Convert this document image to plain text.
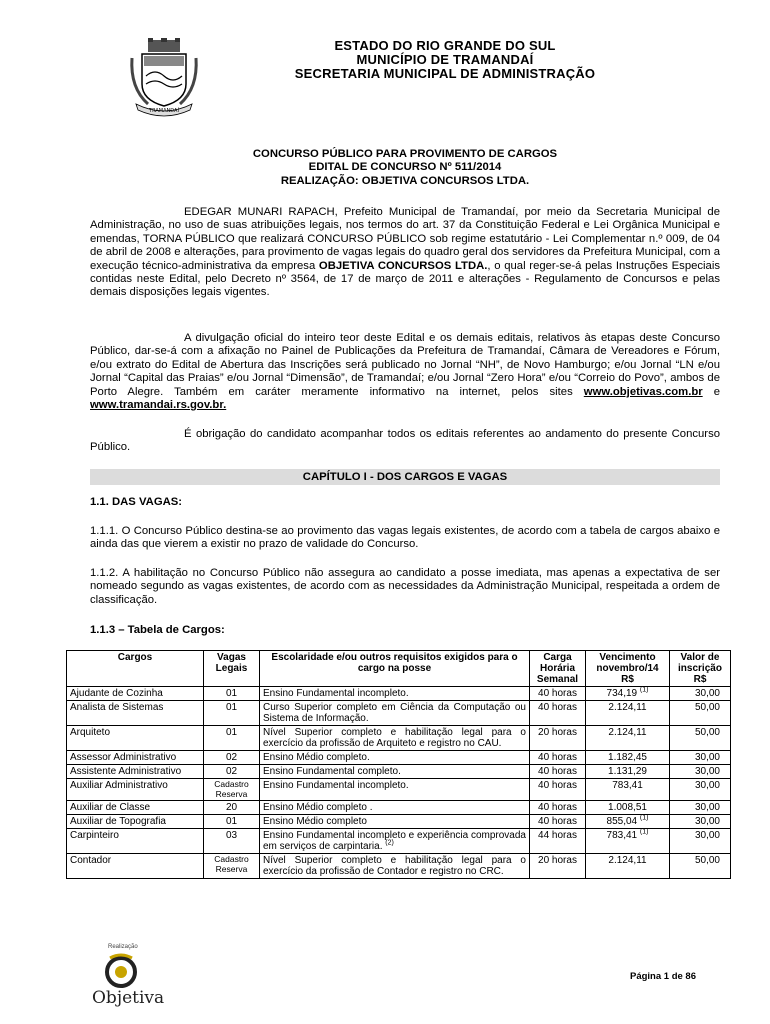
TRAMANDAÍ
ESTADO DO RIO GRANDE DO SUL
MUNICÍPIO DE TRAMANDAÍ
SECRETARIA MUNICIPAL DE ADMINISTRAÇÃO
CONCURSO PÚBLICO PARA PROVIMENTO DE CARGOS
EDITAL DE CONCURSO Nº 511/2014
REALIZAÇÃO: OBJETIVA CONCURSOS LTDA.
EDEGAR MUNARI RAPACH, Prefeito Municipal de Tramandaí, por meio da Secretaria Municipal de Administração, no uso de suas atribuições legais, nos termos do art. 37 da Constituição Federal e Lei Orgânica Municipal e emendas, TORNA PÚBLICO que realizará CONCURSO PÚBLICO sob regime estatutário - Lei Complementar n.º 009, de 04 de abril de 2008 e alterações, para provimento de vagas legais do quadro geral dos servidores da Prefeitura Municipal, com a execução técnico-administrativa da empresa OBJETIVA CONCURSOS LTDA., o qual reger-se-á pelas Instruções Especiais contidas neste Edital, pelo Decreto nº 3564, de 17 de março de 2011 e alterações - Regulamento de Concursos e pelas demais disposições legais vigentes.
A divulgação oficial do inteiro teor deste Edital e os demais editais, relativos às etapas deste Concurso Público, dar-se-á com a afixação no Painel de Publicações da Prefeitura de Tramandaí, Câmara de Vereadores e Fórum, e/ou extrato do Edital de Abertura das Inscrições será publicado no Jornal “NH”, de Novo Hamburgo; e/ou Jornal “LN e/ou Jornal “Capital das Praias” e/ou Jornal “Dimensão”, de Tramandaí; e/ou Jornal “Zero Hora” e/ou “Correio do Povo”, ambos de Porto Alegre. Também em caráter meramente informativo na internet, pelos sites www.objetivas.com.br e www.tramandai.rs.gov.br.
É obrigação do candidato acompanhar todos os editais referentes ao andamento do presente Concurso Público.
CAPÍTULO I - DOS CARGOS E VAGAS
1.1. DAS VAGAS:
1.1.1. O Concurso Público destina-se ao provimento das vagas legais existentes, de acordo com a tabela de cargos abaixo e ainda das que vierem a existir no prazo de validade do Concurso.
1.1.2. A habilitação no Concurso Público não assegura ao candidato a posse imediata, mas apenas a expectativa de ser nomeado segundo as vagas existentes, de acordo com as necessidades da Administração Municipal, respeitada a ordem de classificação.
1.1.3 – Tabela de Cargos:
Cargos	Vagas Legais	Escolaridade e/ou outros requisitos exigidos para o cargo na posse	Carga Horária Semanal	Vencimento novembro/14 R$	Valor de inscrição R$
Ajudante de Cozinha	01	Ensino Fundamental incompleto.	40 horas	734,19 $^{(1)}$	30,00
Analista de Sistemas	01	Curso Superior completo em Ciência da Computação ou Sistema de Informação.	40 horas	2.124,11	50,00
Arquiteto	01	Nível Superior completo e habilitação legal para o exercício da profissão de Arquiteto e registro no CAU.	20 horas	2.124,11	50,00
Assessor Administrativo	02	Ensino Médio completo.	40 horas	1.182,45	30,00
Assistente Administrativo	02	Ensino Fundamental completo.	40 horas	1.131,29	30,00
Auxiliar Administrativo	Cadastro Reserva	Ensino Fundamental incompleto.	40 horas	783,41	30,00
Auxiliar de Classe	20	Ensino Médio completo .	40 horas	1.008,51	30,00
Auxiliar de Topografia	01	Ensino Médio completo	40 horas	855,04 $^{(1)}$	30,00
Carpinteiro	03	Ensino Fundamental incompleto e experiência comprovada em serviços de carpintaria. $^{(2)}$	44 horas	783,41 $^{(1)}$	30,00
Contador	Cadastro Reserva	Nível Superior completo e habilitação legal para o exercício da profissão de Contador e registro no CRC.	20 horas	2.124,11	50,00
Realização
Objetiva
Página 1 de 86
